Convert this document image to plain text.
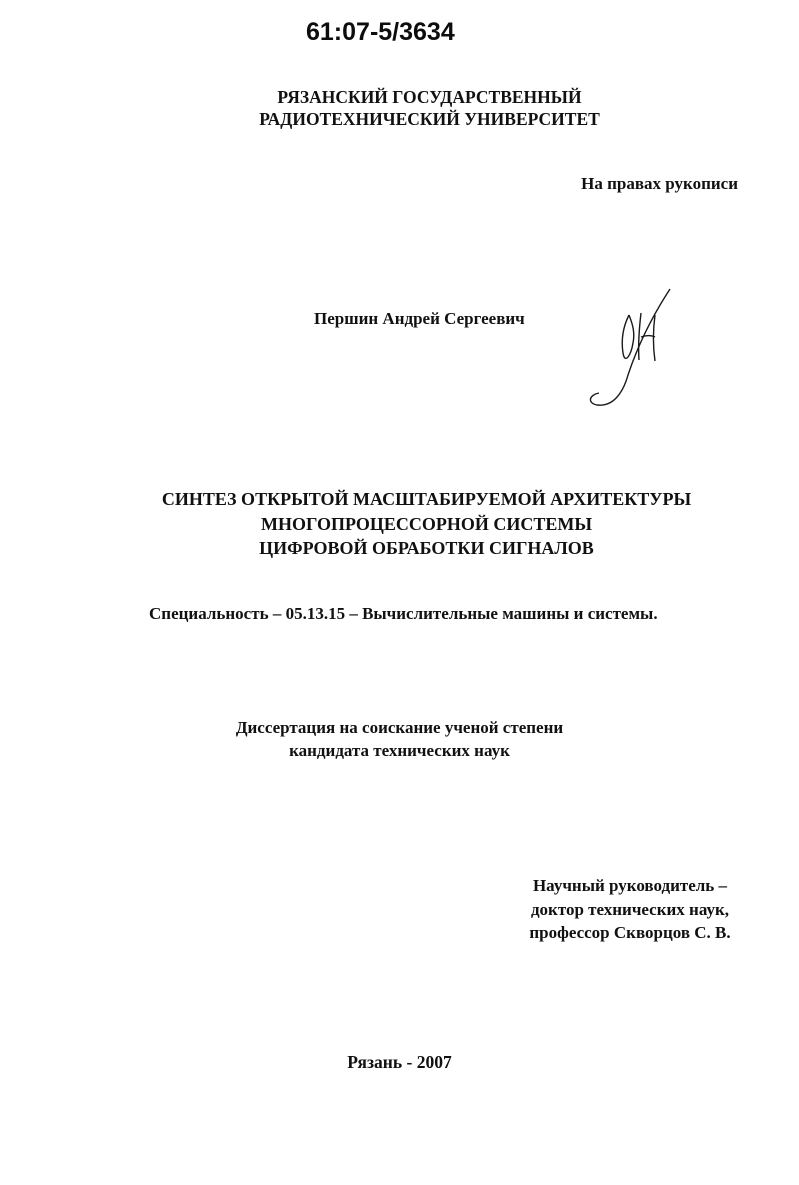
61:07-5/3634
РЯЗАНСКИЙ ГОСУДАРСТВЕННЫЙ
РАДИОТЕХНИЧЕСКИЙ УНИВЕРСИТЕТ
На правах рукописи
Першин Андрей Сергеевич
СИНТЕЗ ОТКРЫТОЙ МАСШТАБИРУЕМОЙ АРХИТЕКТУРЫ
МНОГОПРОЦЕССОРНОЙ СИСТЕМЫ
ЦИФРОВОЙ ОБРАБОТКИ СИГНАЛОВ
Специальность – 05.13.15 – Вычислительные машины и системы.
Диссертация на соискание ученой степени
кандидата технических наук
Научный руководитель –
доктор технических наук,
профессор Скворцов С. В.
Рязань - 2007
